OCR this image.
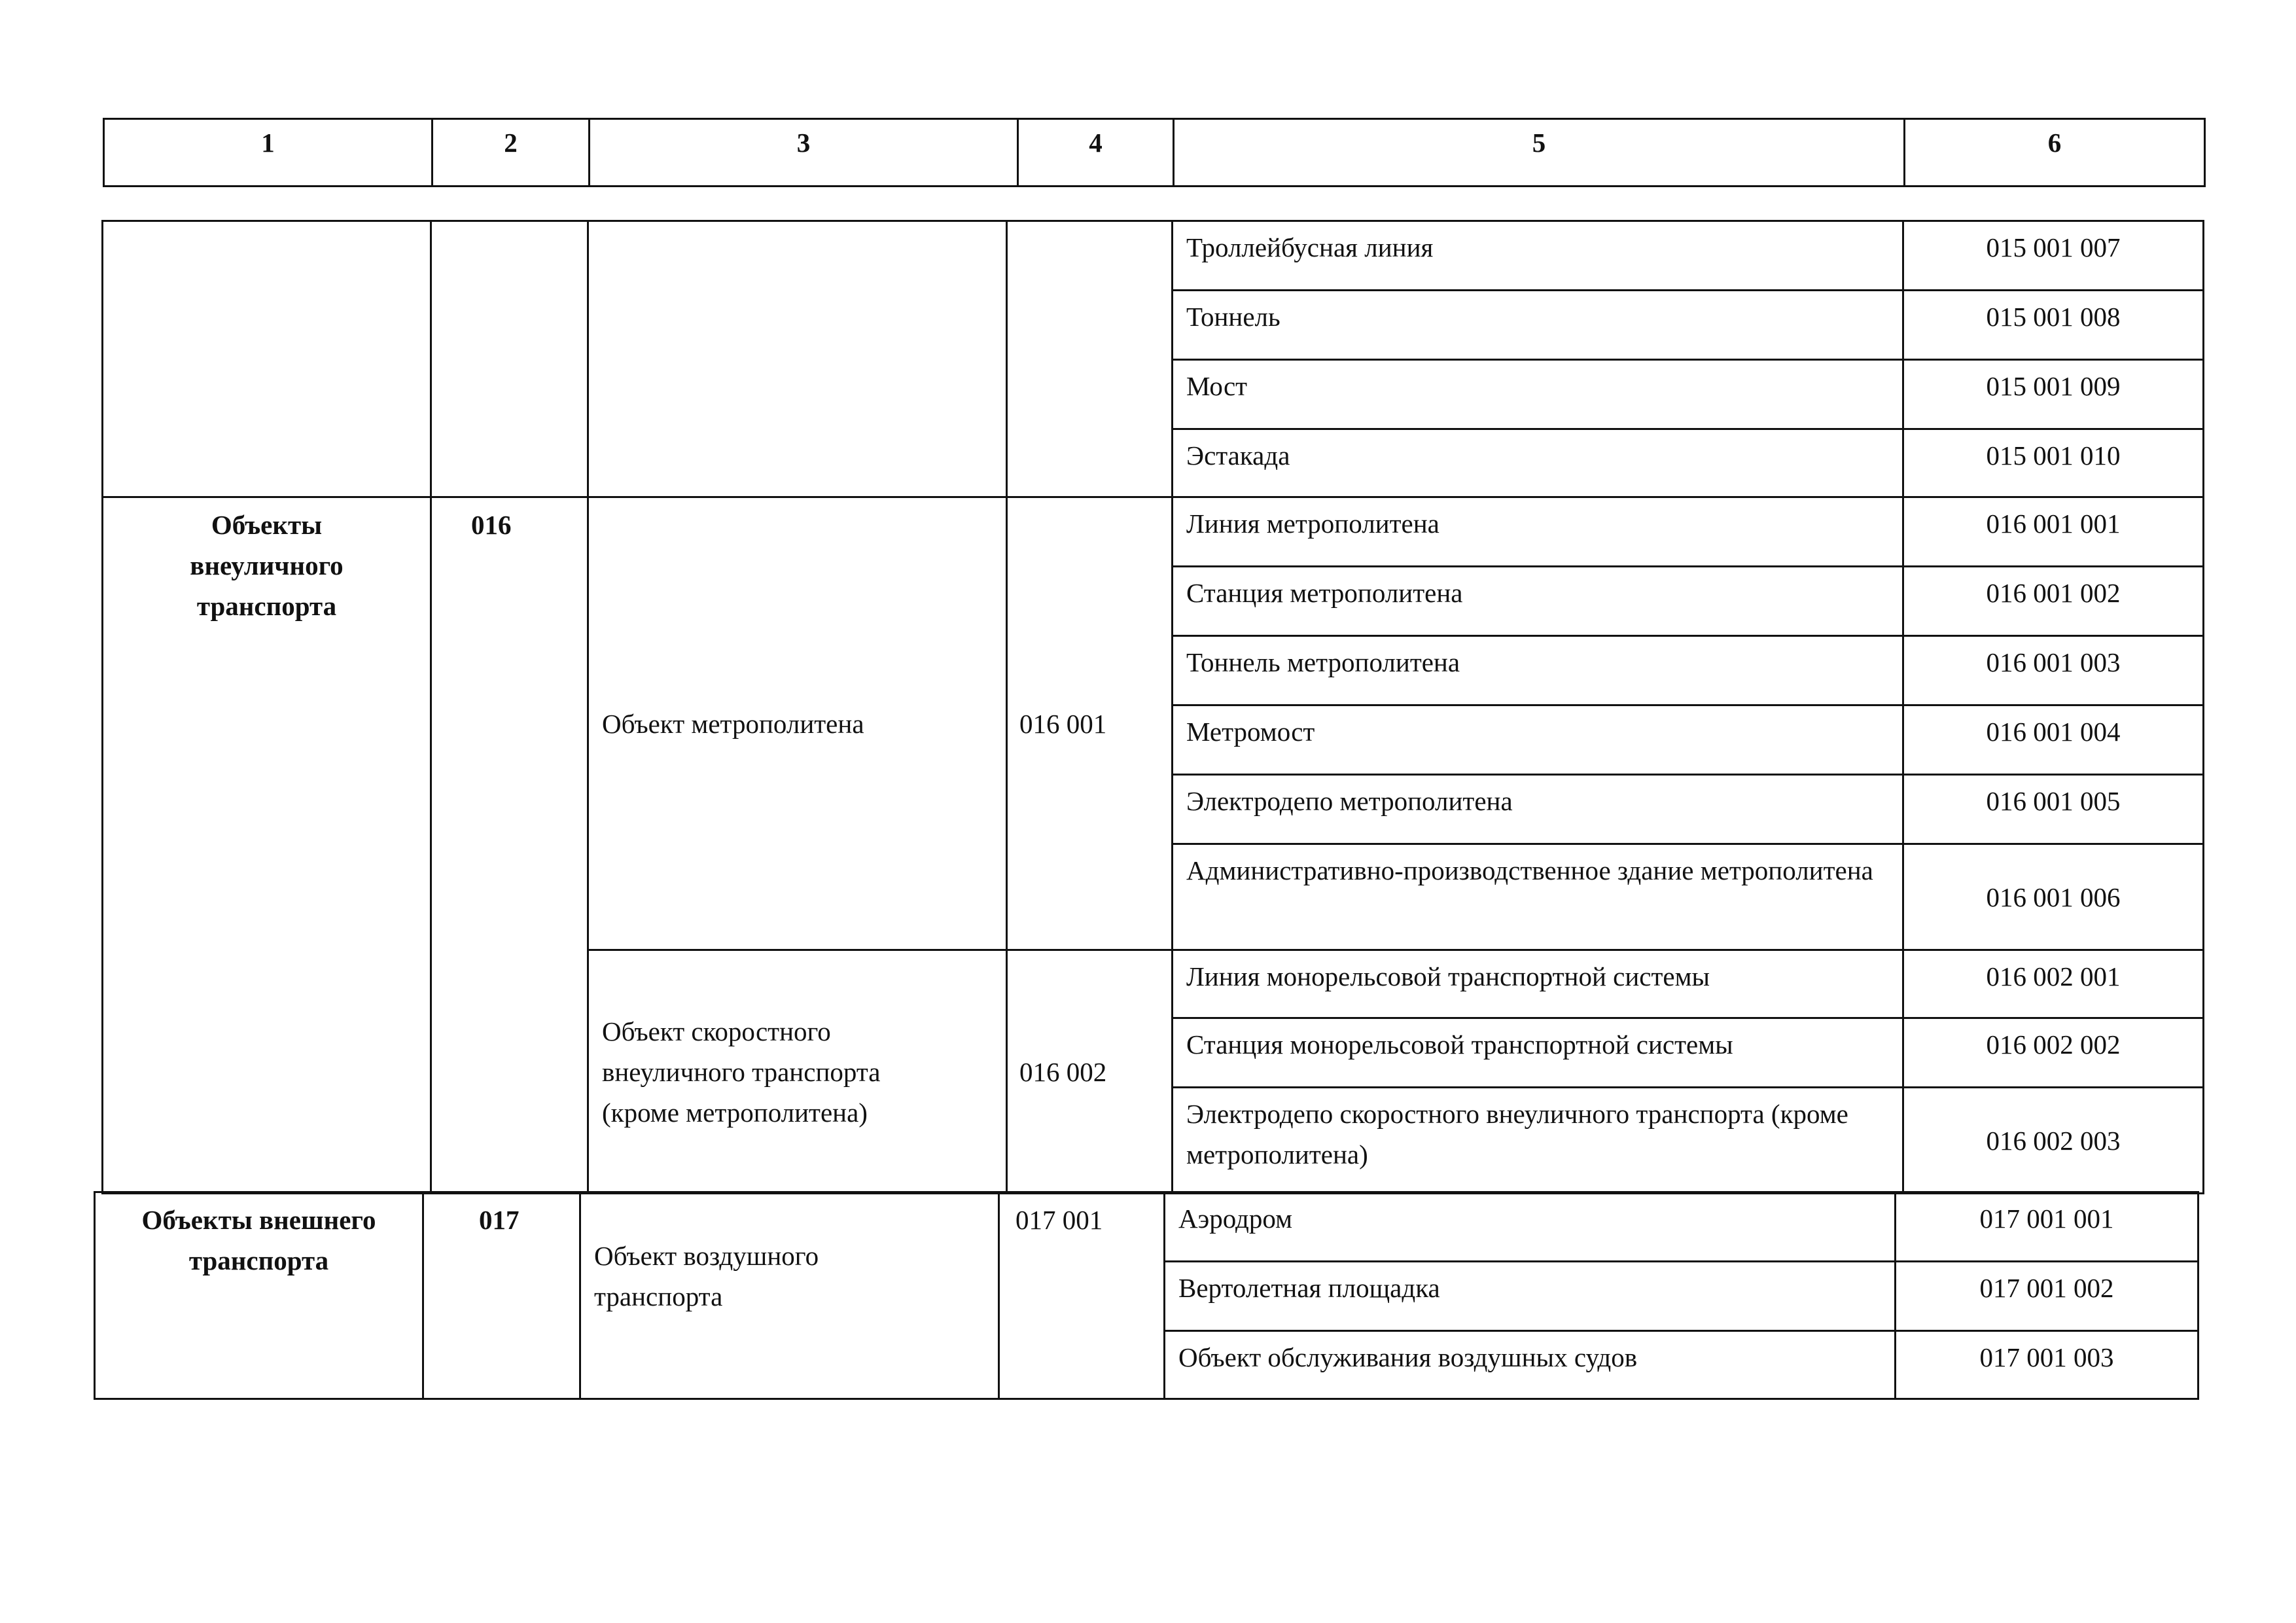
1	2	3	4	5	6
				Троллейбусная линия	015 001 007
				Тоннель	015 001 008
				Мост	015 001 009
				Эстакада	015 001 010
Объекты внеуличного транспорта	016	Объект метрополитена	016 001	Линия метрополитена	016 001 001
				Станция метрополитена	016 001 002
				Тоннель метрополитена	016 001 003
				Метромост	016 001 004
				Электродепо метрополитена	016 001 005
				Административно-производственное здание метрополитена	016 001 006
		Объект скоростного внеуличного транспорта (кроме метрополитена)	016 002	Линия монорельсовой транспортной системы	016 002 001
				Станция монорельсовой транспортной системы	016 002 002
				Электродепо скоростного внеуличного транспорта (кроме метрополитена)	016 002 003
Объекты внешнего транспорта	017	Объект воздушного транспорта	017 001	Аэродром	017 001 001
				Вертолетная площадка	017 001 002
				Объект обслуживания воздушных судов	017 001 003
